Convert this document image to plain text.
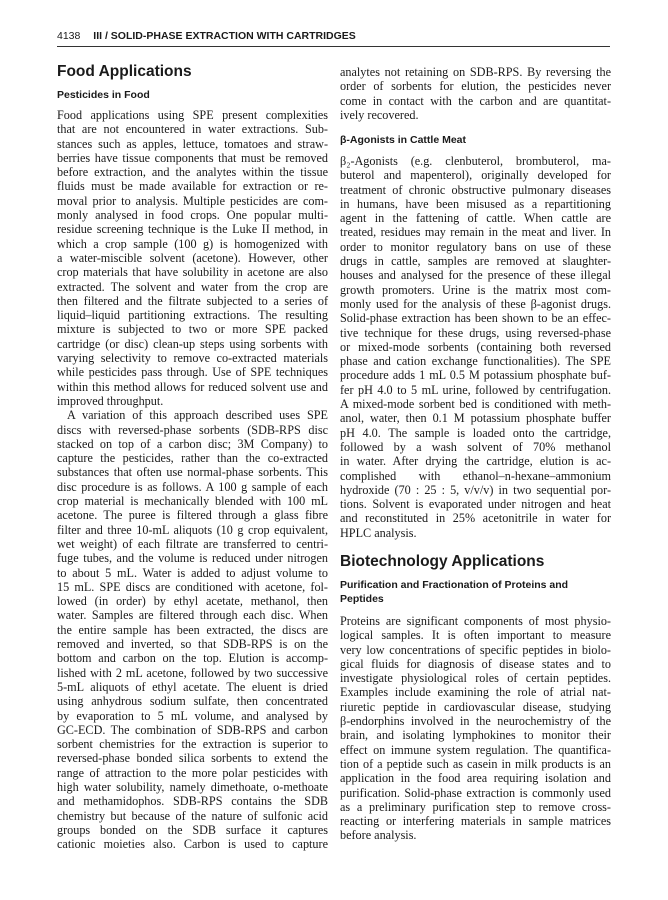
4138 III / SOLID-PHASE EXTRACTION WITH CARTRIDGES
Food Applications
Pesticides in Food
Food applications using SPE present complexities
that are not encountered in water extractions. Sub-
stances such as apples, lettuce, tomatoes and straw-
berries have tissue components that must be removed
before extraction, and the analytes within the tissue
fluids must be made available for extraction or re-
moval prior to analysis. Multiple pesticides are com-
monly analysed in food crops. One popular multi-
residue screening technique is the Luke II method, in
which a crop sample (100 g) is homogenized with
a water-miscible solvent (acetone). However, other
crop materials that have solubility in acetone are also
extracted. The solvent and water from the crop are
then filtered and the filtrate subjected to a series of
liquid–liquid partitioning extractions. The resulting
mixture is subjected to two or more SPE packed
cartridge (or disc) clean-up steps using sorbents with
varying selectivity to remove co-extracted materials
while pesticides pass through. Use of SPE techniques
within this method allows for reduced solvent use and
improved throughput.
A variation of this approach described uses SPE
discs with reversed-phase sorbents (SDB-RPS disc
stacked on top of a carbon disc; 3M Company) to
capture the pesticides, rather than the co-extracted
substances that often use normal-phase sorbents. This
disc procedure is as follows. A 100 g sample of each
crop material is mechanically blended with 100 mL
acetone. The puree is filtered through a glass fibre
filter and three 10-mL aliquots (10 g crop equivalent,
wet weight) of each filtrate are transferred to centri-
fuge tubes, and the volume is reduced under nitrogen
to about 5 mL. Water is added to adjust volume to
15 mL. SPE discs are conditioned with acetone, fol-
lowed (in order) by ethyl acetate, methanol, then
water. Samples are filtered through each disc. When
the entire sample has been extracted, the discs are
removed and inverted, so that SDB-RPS is on the
bottom and carbon on the top. Elution is accomp-
lished with 2 mL acetone, followed by two successive
5-mL aliquots of ethyl acetate. The eluent is dried
using anhydrous sodium sulfate, then concentrated
by evaporation to 5 mL volume, and analysed by
GC-ECD. The combination of SDB-RPS and carbon
sorbent chemistries for the extraction is superior to
reversed-phase bonded silica sorbents to extend the
range of attraction to the more polar pesticides with
high water solubility, namely dimethoate, o-methoate
and methamidophos. SDB-RPS contains the SDB
chemistry but because of the nature of sulfonic acid
groups bonded on the SDB surface it captures
cationic moieties also. Carbon is used to capture
analytes not retaining on SDB-RPS. By reversing the
order of sorbents for elution, the pesticides never
come in contact with the carbon and are quantitat-
ively recovered.
β-Agonists in Cattle Meat
β₂-Agonists (e.g. clenbuterol, brombuterol, ma-
buterol and mapenterol), originally developed for
treatment of chronic obstructive pulmonary diseases
in humans, have been misused as a repartitioning
agent in the fattening of cattle. When cattle are
treated, residues may remain in the meat and liver. In
order to monitor regulatory bans on use of these
drugs in cattle, samples are removed at slaughter-
houses and analysed for the presence of these illegal
growth promoters. Urine is the matrix most com-
monly used for the analysis of these β-agonist drugs.
Solid-phase extraction has been shown to be an effec-
tive technique for these drugs, using reversed-phase
or mixed-mode sorbents (containing both reversed
phase and cation exchange functionalities). The SPE
procedure adds 1 mL 0.5 M potassium phosphate buf-
fer pH 4.0 to 5 mL urine, followed by centrifugation.
A mixed-mode sorbent bed is conditioned with meth-
anol, water, then 0.1 M potassium phosphate buffer
pH 4.0. The sample is loaded onto the cartridge,
followed by a wash solvent of 70% methanol
in water. After drying the cartridge, elution is ac-
complished with ethanol–n-hexane–ammonium
hydroxide (70 : 25 : 5, v/v/v) in two sequential por-
tions. Solvent is evaporated under nitrogen and heat
and reconstituted in 25% acetonitrile in water for
HPLC analysis.
Biotechnology Applications
Purification and Fractionation of Proteins and Peptides
Proteins are significant components of most physio-
logical samples. It is often important to measure
very low concentrations of specific peptides in biolo-
gical fluids for diagnosis of disease states and to
investigate physiological roles of certain peptides.
Examples include examining the role of atrial nat-
riuretic peptide in cardiovascular disease, studying
β-endorphins involved in the neurochemistry of the
brain, and isolating lymphokines to monitor their
effect on immune system regulation. The quantifica-
tion of a peptide such as casein in milk products is an
application in the food area requiring isolation and
purification. Solid-phase extraction is commonly used
as a preliminary purification step to remove cross-
reacting or interfering materials in sample matrices
before analysis.
